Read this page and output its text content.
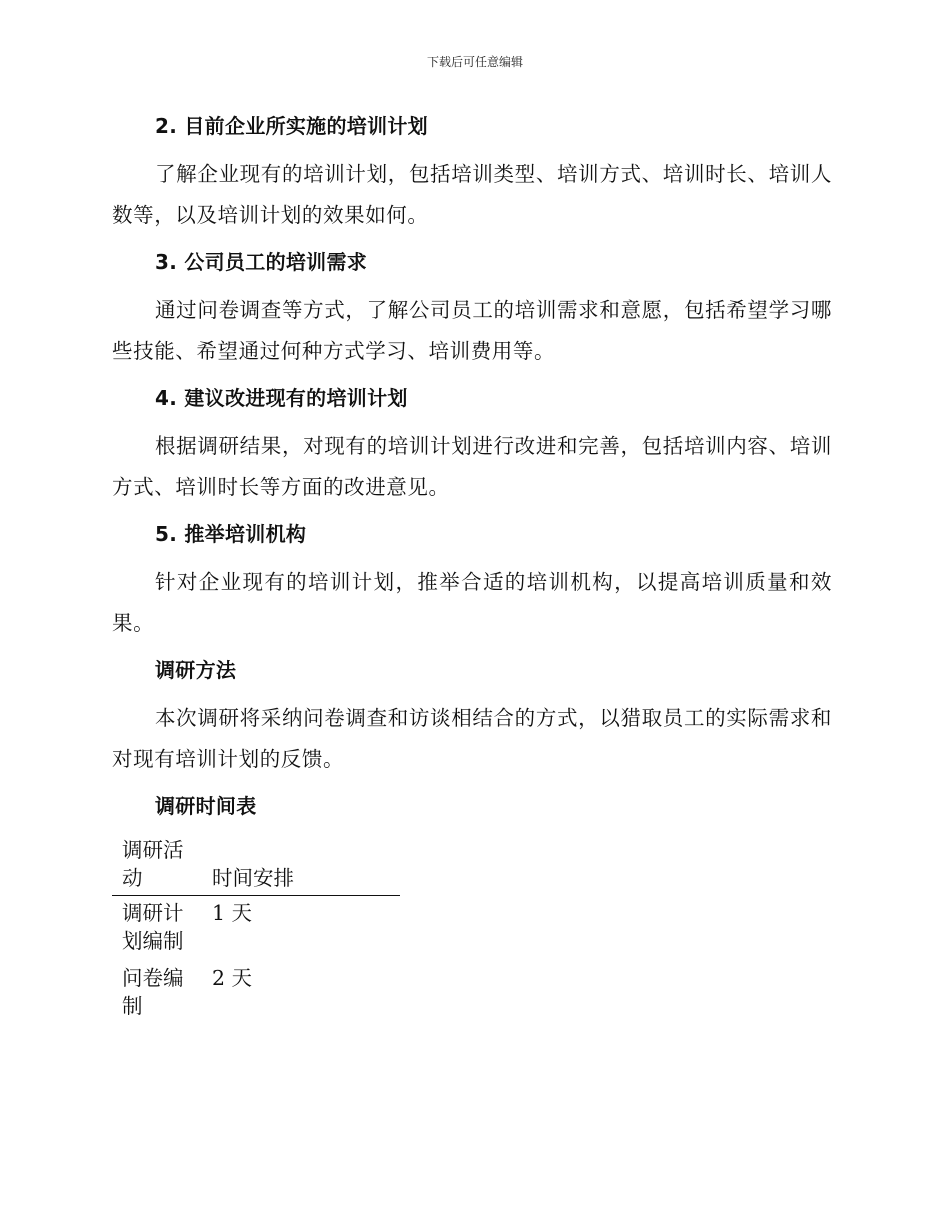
下载后可任意编辑
2. 目前企业所实施的培训计划

了解企业现有的培训计划，包括培训类型、培训方式、培训时长、培训人数等，以及培训计划的效果如何。

3. 公司员工的培训需求

通过问卷调查等方式，了解公司员工的培训需求和意愿，包括希望学习哪些技能、希望通过何种方式学习、培训费用等。

4. 建议改进现有的培训计划

根据调研结果，对现有的培训计划进行改进和完善，包括培训内容、培训方式、培训时长等方面的改进意见。

5. 推举培训机构

针对企业现有的培训计划，推举合适的培训机构，以提高培训质量和效果。

调研方法

本次调研将采纳问卷调查和访谈相结合的方式，以猎取员工的实际需求和对现有培训计划的反馈。

调研时间表
调研活动	时间安排
调研计划编制	1 天
问卷编制	2 天
